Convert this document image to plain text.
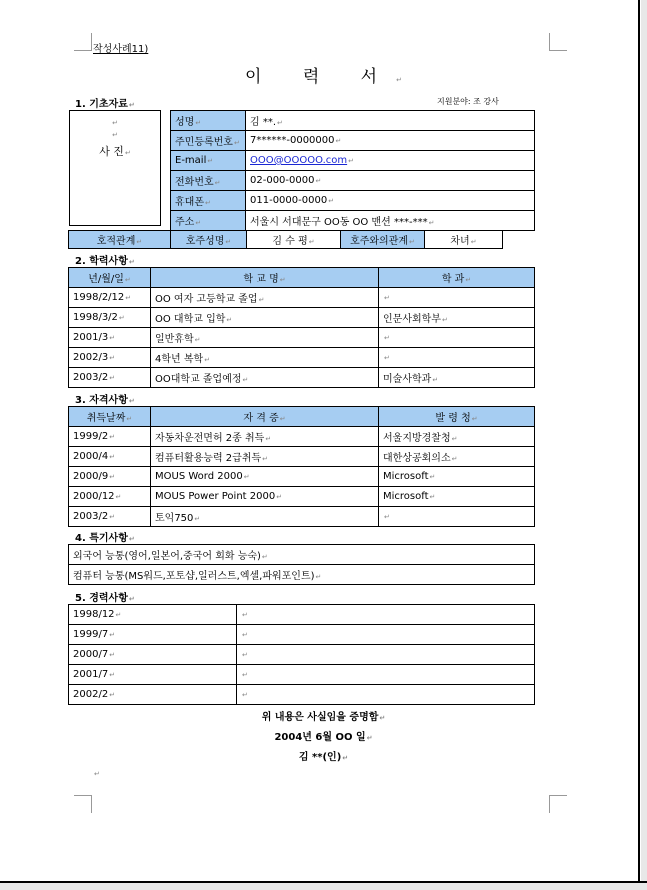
작성사례11)
이 력 서↵
1. 기초자료↵	지원분야: 조 강사
↵
↵
사 진↵
성명↵	김 **.↵
주민등록번호↵	7******-0000000↵
E-mail↵	OOO@OOOOO.com↵
전화번호↵	02-000-0000↵
휴대폰↵	011-0000-0000↵
주소↵	서울시 서대문구 OO동 OO 맨션 ***-***↵
호적관계↵	호주성명↵	김 수 평↵	호주와의관계↵	차녀↵
2. 학력사항↵
년/월/일↵	학 교 명↵	학 과↵
1998/2/12↵	OO 여자 고등학교 졸업↵	↵
1998/3/2↵	OO 대학교 입학↵	인문사회학부↵
2001/3↵	일반휴학↵	↵
2002/3↵	4학년 복학↵	↵
2003/2↵	OO대학교 졸업예정↵	미술사학과↵
3. 자격사항↵
취득날짜↵	자 격 증↵	발 령 청↵
1999/2↵	자동차운전면허 2종 취득↵	서울지방경찰청↵
2000/4↵	컴퓨터활용능력 2급취득↵	대한상공회의소↵
2000/9↵	MOUS Word 2000↵	Microsoft↵
2000/12↵	MOUS Power Point 2000↵	Microsoft↵
2003/2↵	토익750↵	↵
4. 특기사항↵
외국어 능통(영어,일본어,중국어 회화 능숙)↵
컴퓨터 능통(MS워드,포토샵,일러스트,엑셀,파워포인트)↵
5. 경력사항↵
1998/12↵	↵
1999/7↵	↵
2000/7↵	↵
2001/7↵	↵
2002/2↵	↵
위 내용은 사실임을 증명함↵
2004년 6월 OO 일↵
김 **(인)↵
↵
